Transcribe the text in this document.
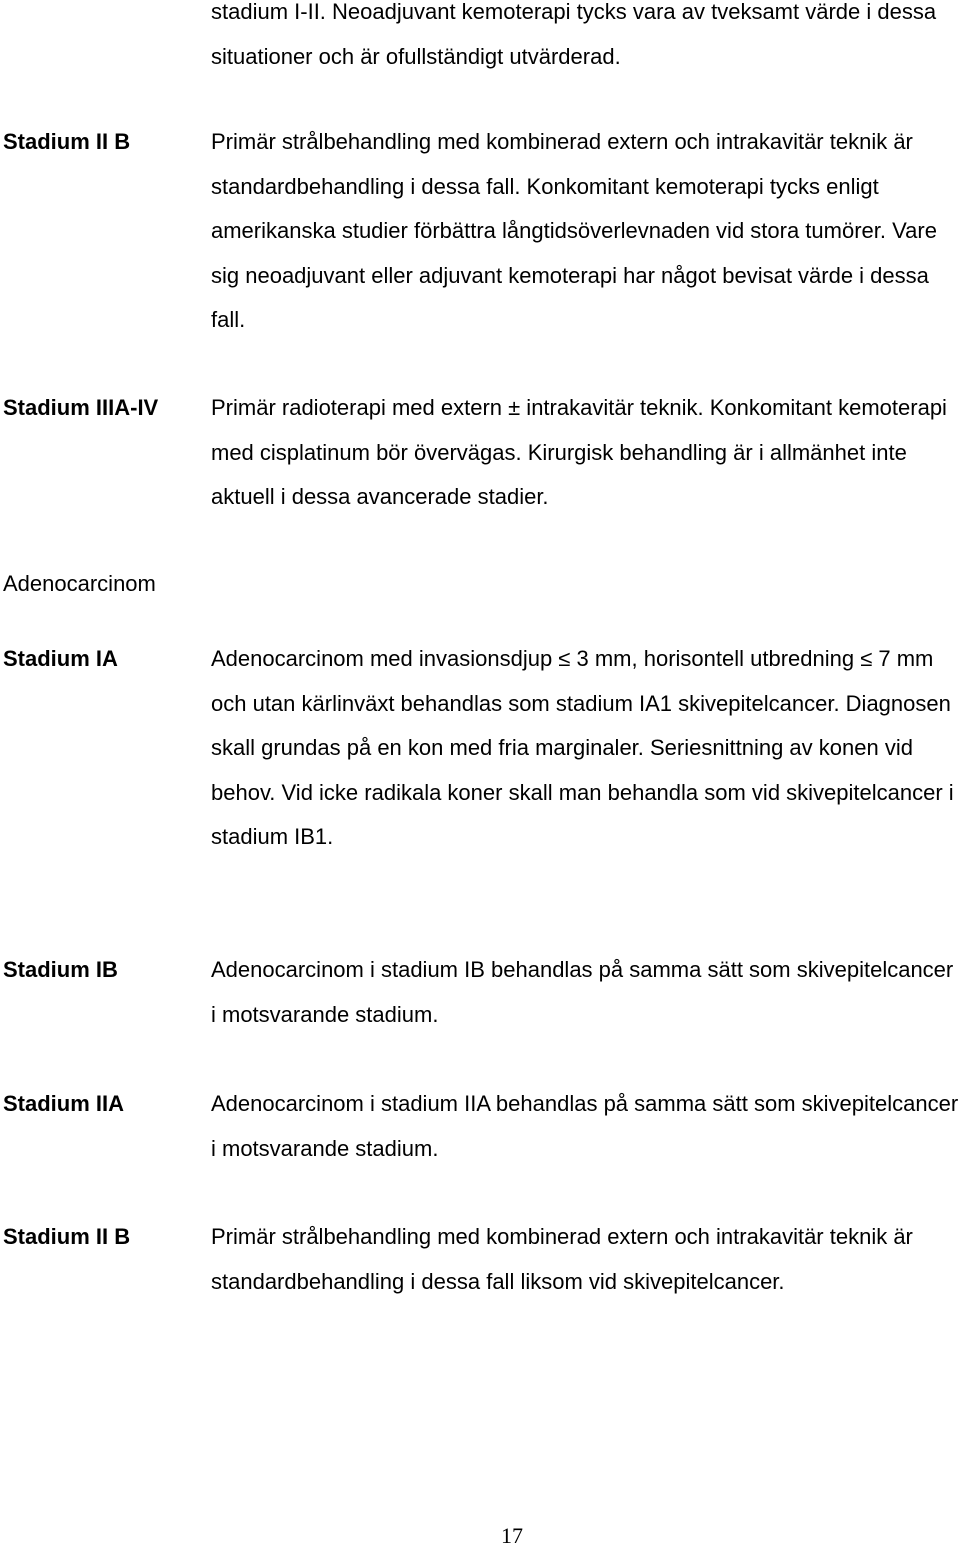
stadium I-II. Neoadjuvant kemoterapi tycks vara av tveksamt värde i dessa situationer och är ofullständigt utvärderad.

Stadium II B	Primär strålbehandling med kombinerad extern och intrakavitär teknik är standardbehandling i dessa fall. Konkomitant kemoterapi tycks enligt amerikanska studier förbättra långtidsöverlevnaden vid stora tumörer. Vare sig neoadjuvant eller adjuvant kemoterapi har något bevisat värde i dessa fall.

Stadium IIIA-IV Primär radioterapi med extern ± intrakavitär teknik. Konkomitant kemoterapi med cisplatinum bör övervägas. Kirurgisk behandling är i allmänhet inte aktuell i dessa avancerade stadier.

Adenocarcinom

Stadium IA	Adenocarcinom med invasionsdjup ≤ 3 mm, horisontell utbredning ≤ 7 mm och utan kärlinväxt behandlas som stadium IA1 skivepitelcancer. Diagnosen skall grundas på en kon med fria marginaler. Seriesnittning av konen vid behov. Vid icke radikala koner skall man behandla som vid skivepitelcancer i stadium IB1.

Stadium IB	Adenocarcinom i stadium IB behandlas på samma sätt som skivepitelcancer i motsvarande stadium.

Stadium IIA	Adenocarcinom i stadium IIA behandlas på samma sätt som skivepitelcancer i motsvarande stadium.

Stadium II B	Primär strålbehandling med kombinerad extern och intrakavitär teknik är standardbehandling i dessa fall liksom vid skivepitelcancer.

17
